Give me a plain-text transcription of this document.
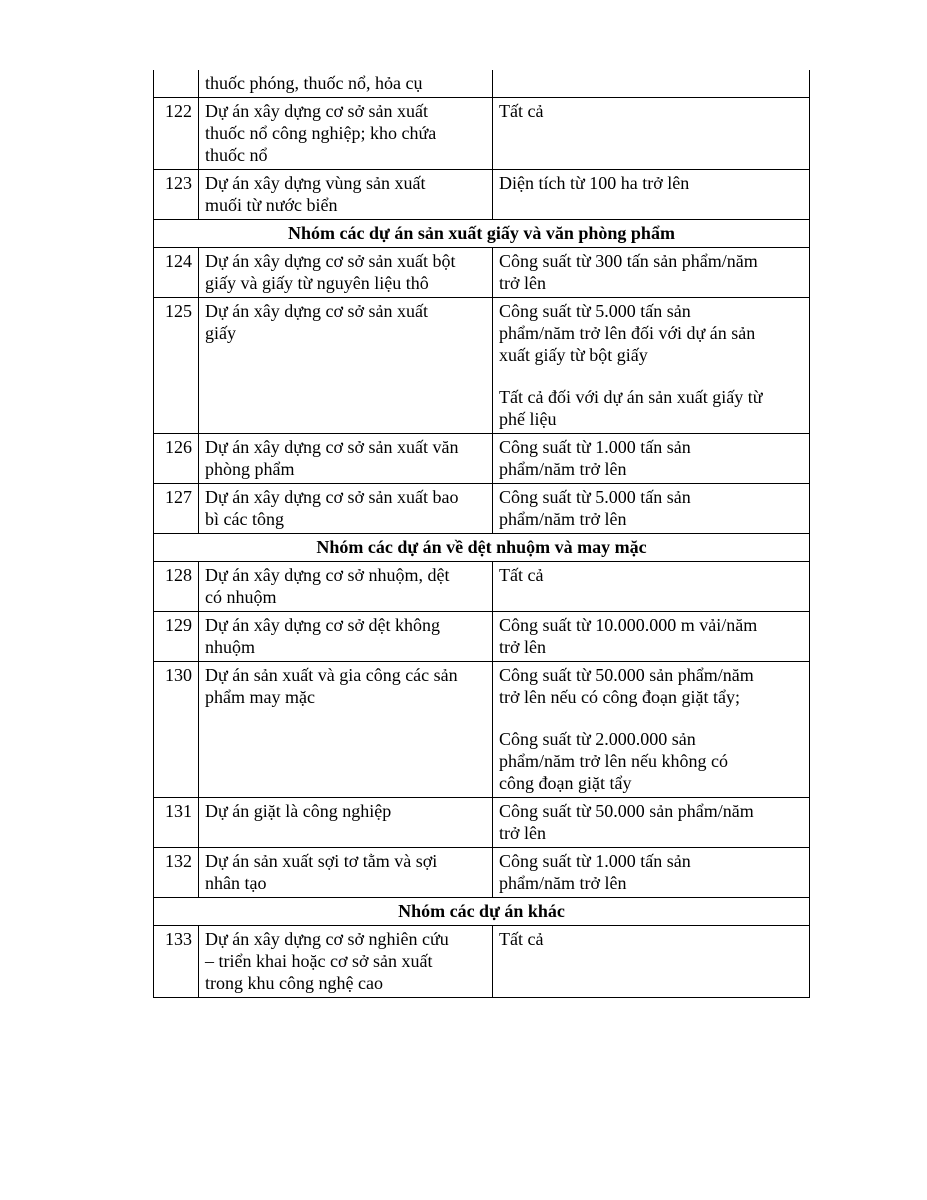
	thuốc phóng, thuốc nổ, hỏa cụ	

122	Dự án xây dựng cơ sở sản xuất
thuốc nổ công nghiệp; kho chứa
thuốc nổ	Tất cả

123	Dự án xây dựng vùng sản xuất
muối từ nước biển	Diện tích từ 100 ha trở lên

Nhóm các dự án sản xuất giấy và văn phòng phẩm		
124	Dự án xây dựng cơ sở sản xuất bột
giấy và giấy từ nguyên liệu thô	Công suất từ 300 tấn sản phẩm/năm
trở lên

125	Dự án xây dựng cơ sở sản xuất
giấy	Công suất từ 5.000 tấn sản
phẩm/năm trở lên đối với dự án sản
xuất giấy từ bột giấy
Tất cả đối với dự án sản xuất giấy từ
phế liệu

126	Dự án xây dựng cơ sở sản xuất văn
phòng phẩm	Công suất từ 1.000 tấn sản
phẩm/năm trở lên

127	Dự án xây dựng cơ sở sản xuất bao
bì các tông	Công suất từ 5.000 tấn sản
phẩm/năm trở lên

Nhóm các dự án về dệt nhuộm và may mặc		
128	Dự án xây dựng cơ sở nhuộm, dệt
có nhuộm	Tất cả

129	Dự án xây dựng cơ sở dệt không
nhuộm	Công suất từ 10.000.000 m vải/năm
trở lên

130	Dự án sản xuất và gia công các sản
phẩm may mặc	Công suất từ 50.000 sản phẩm/năm
trở lên nếu có công đoạn giặt tẩy;
Công suất từ 2.000.000 sản
phẩm/năm trở lên nếu không có
công đoạn giặt tẩy

131	Dự án giặt là công nghiệp	Công suất từ 50.000 sản phẩm/năm
trở lên

132	Dự án sản xuất sợi tơ tằm và sợi
nhân tạo	Công suất từ 1.000 tấn sản
phẩm/năm trở lên

Nhóm các dự án khác		
133	Dự án xây dựng cơ sở nghiên cứu
– triển khai hoặc cơ sở sản xuất
trong khu công nghệ cao	Tất cả
